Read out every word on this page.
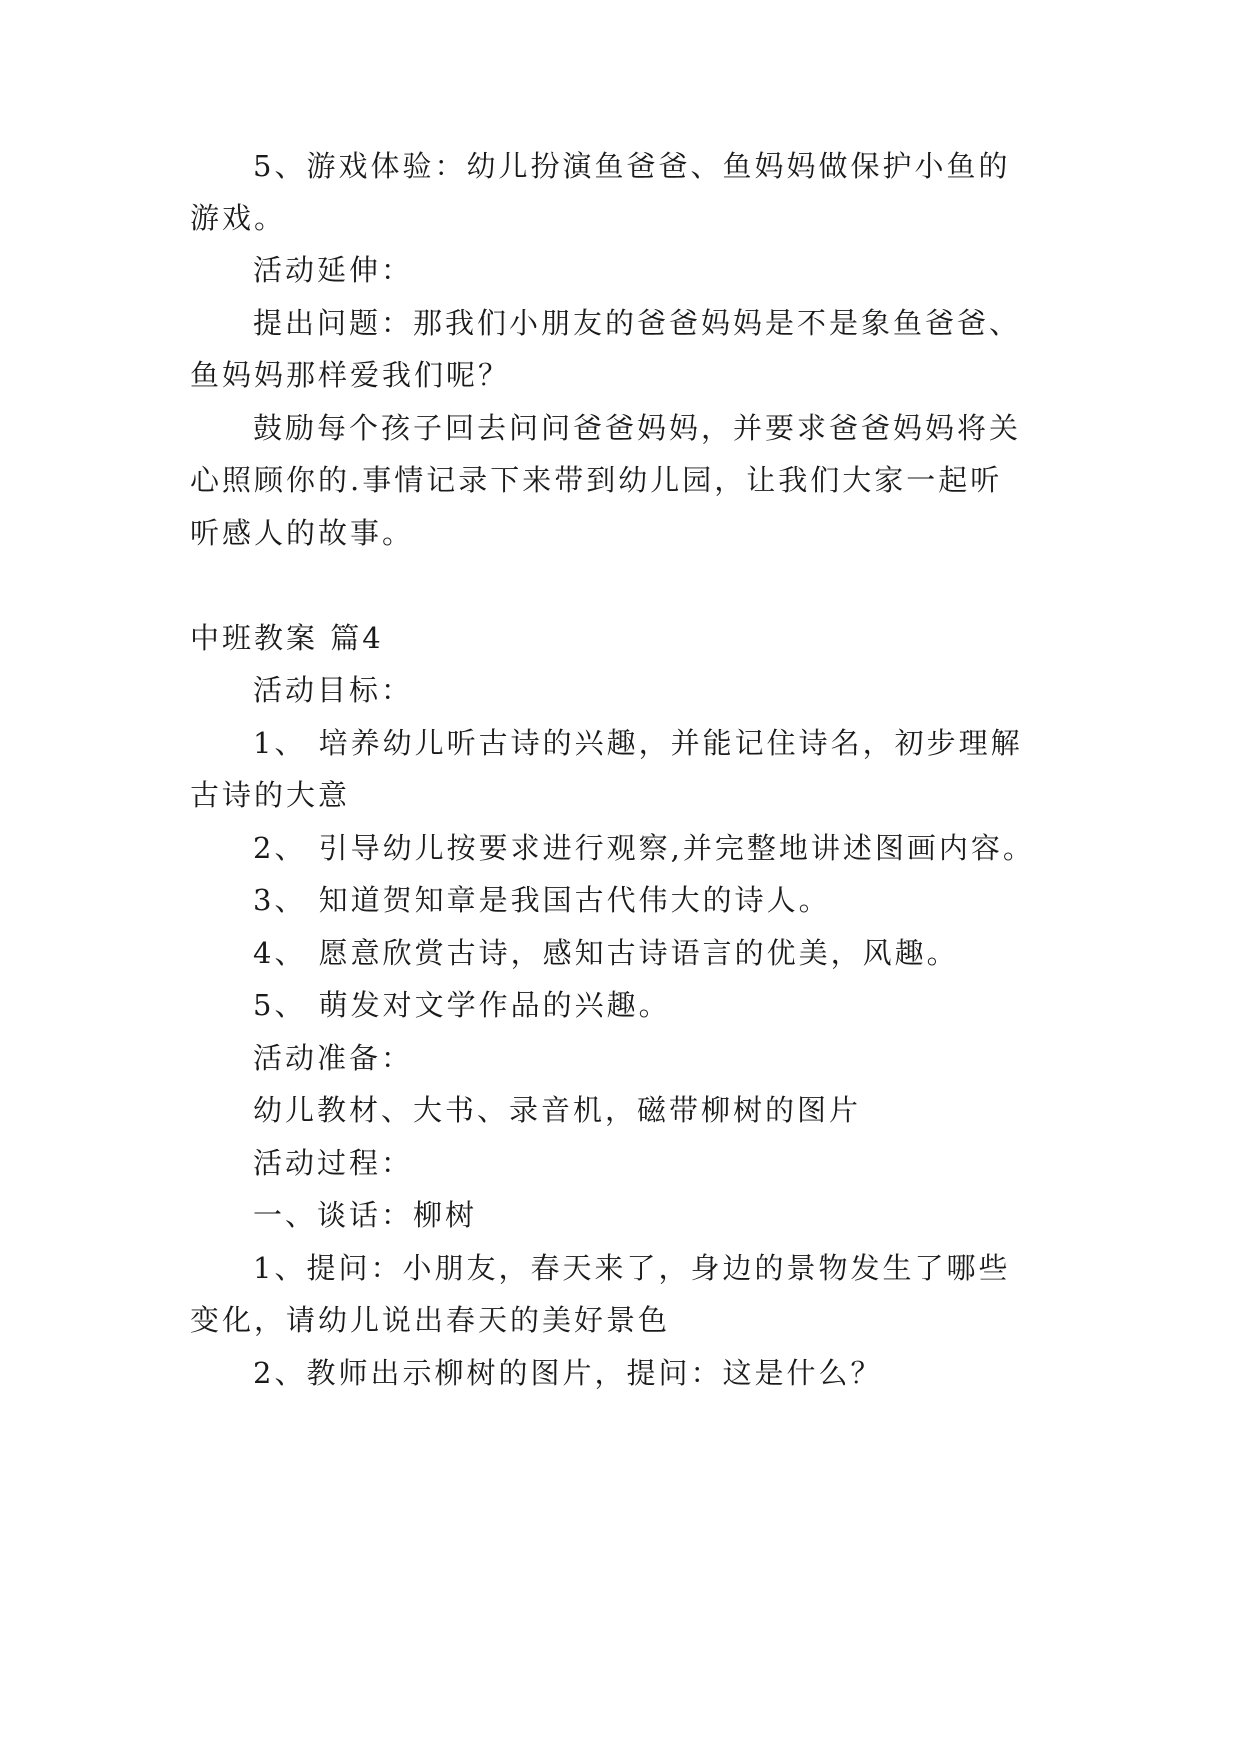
5、游戏体验：幼儿扮演鱼爸爸、鱼妈妈做保护小鱼的
游戏。
活动延伸：
提出问题：那我们小朋友的爸爸妈妈是不是象鱼爸爸、
鱼妈妈那样爱我们呢？
鼓励每个孩子回去问问爸爸妈妈，并要求爸爸妈妈将关
心照顾你的.事情记录下来带到幼儿园，让我们大家一起听
听感人的故事。
中班教案 篇4
活动目标：
1、 培养幼儿听古诗的兴趣，并能记住诗名，初步理解
古诗的大意
2、 引导幼儿按要求进行观察,并完整地讲述图画内容。
3、 知道贺知章是我国古代伟大的诗人。
4、 愿意欣赏古诗，感知古诗语言的优美，风趣。
5、 萌发对文学作品的兴趣。
活动准备：
幼儿教材、大书、录音机，磁带柳树的图片
活动过程：
一、谈话：柳树
1、提问：小朋友，春天来了，身边的景物发生了哪些
变化，请幼儿说出春天的美好景色
2、教师出示柳树的图片，提问：这是什么？
